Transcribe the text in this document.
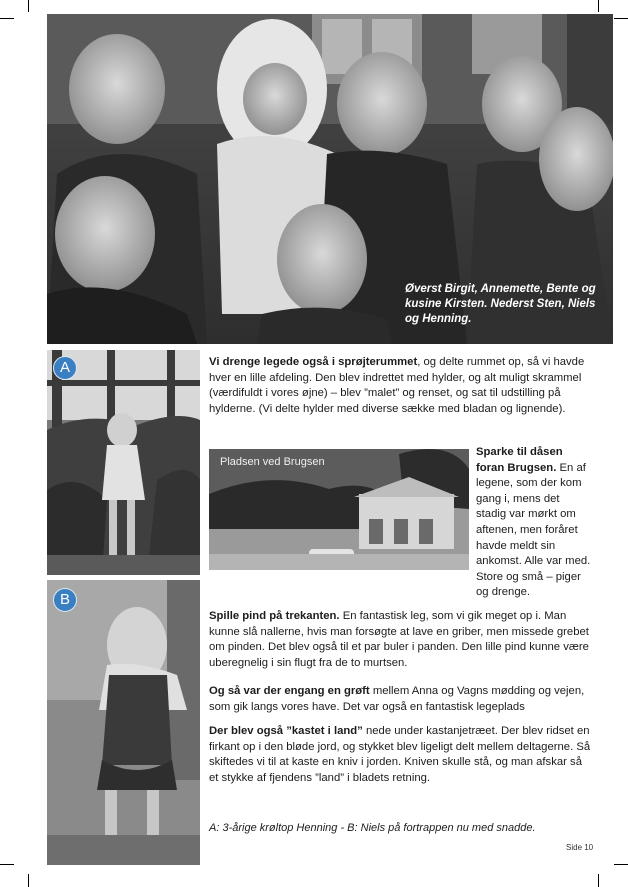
Øverst Birgit, Annemette, Bente og kusine Kirsten. Nederst Sten, Niels og Henning.
A
B
Vi drenge legede også i sprøjterummet, og delte rummet op, så vi havde hver en lille afdeling. Den blev indrettet med hylder, og alt muligt skrammel (værdifuldt i vores øjne) – blev ”malet” og renset, og sat til udstilling på hylderne. (Vi delte hylder med diverse sække med bladan og lignende).
Pladsen ved Brugsen
Sparke til dåsen foran Brugsen. En af legene, som der kom gang i, mens det stadig var mørkt om aftenen, men foråret havde meldt sin ankomst. Alle var med. Store og små – piger og drenge.
Spille pind på trekanten. En fantastisk leg, som vi gik meget op i. Man kunne slå nallerne, hvis man forsøgte at lave en griber, men missede grebet om pinden. Det blev også til et par buler i panden. Den lille pind kunne være uberegnelig i sin flugt fra de to murtsen.
Og så var der engang en grøft mellem Anna og Vagns mødding og vejen, som gik langs vores have. Det var også en fantastisk legeplads
Der blev også ”kastet i land” nede under kastanjetræet. Der blev ridset en firkant op i den bløde jord, og stykket blev ligeligt delt mellem deltagerne. Så skiftedes vi til at kaste en kniv i jorden. Kniven skulle stå, og man afskar så et stykke af fjendens ”land” i bladets retning.
A: 3-årige krøltop Henning - B: Niels på fortrappen nu med snadde.
Side 10
